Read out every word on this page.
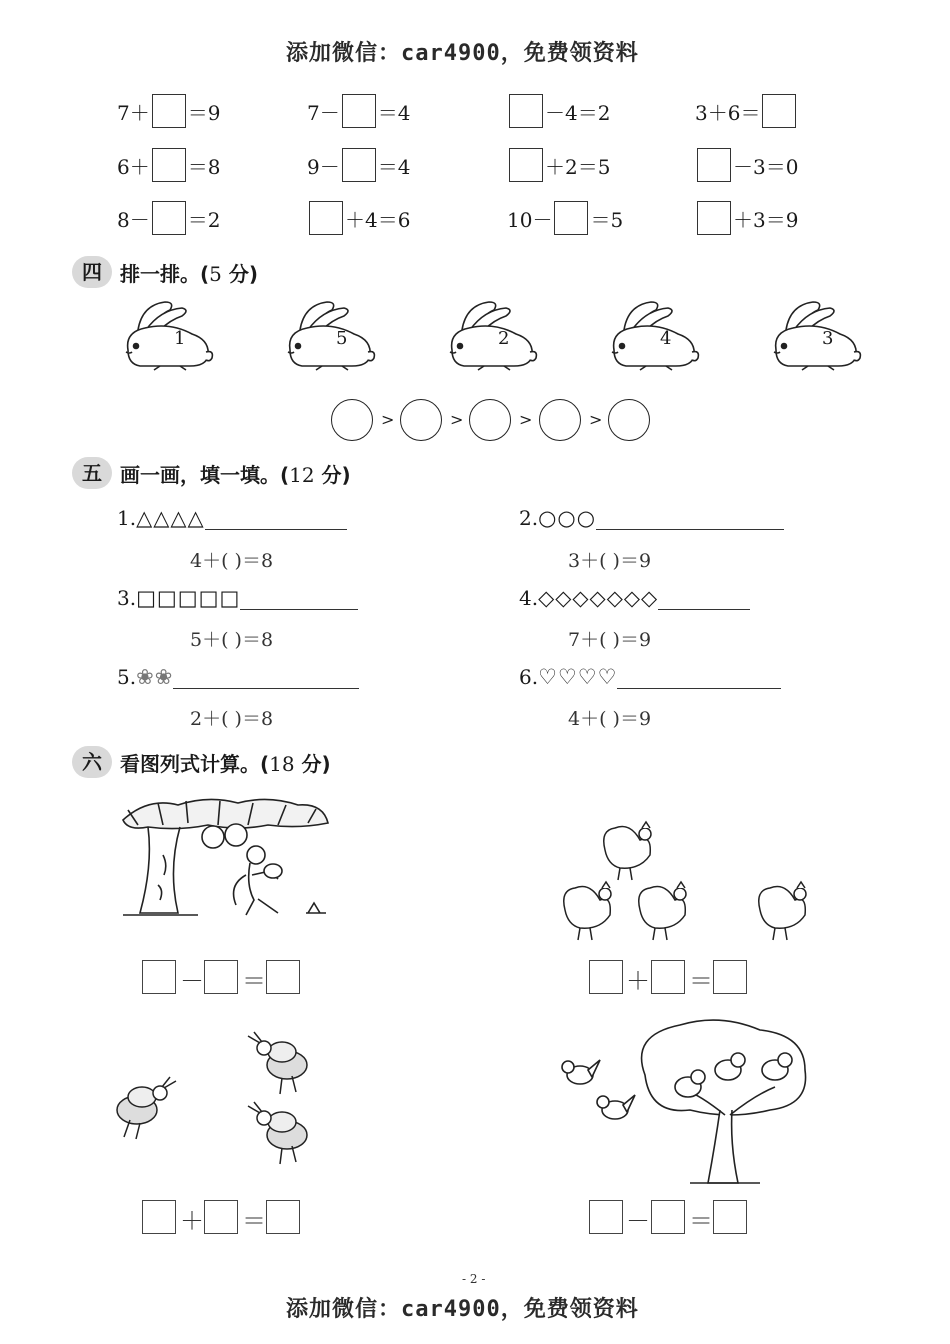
添加微信：car4900，免费领资料
7＋ ＝9	7－ ＝4	－4＝2	3＋6＝
6＋ ＝8	9－ ＝4	＋2＝5	－3＝0
8－ ＝2	＋4＝6	10－ ＝5	＋3＝9
四 排一排。(5 分)
1	5	2	4	3
>	>	>	>
五 画一画，填一填。(12 分)
1. △△△△
4＋( )＝8
2. ○○○
3＋( )＝9
3. □□□□□
5＋( )＝8
4. ◇◇◇◇◇◇◇
7＋( )＝9
5. ❀❀
2＋( )＝8
6. ♡♡♡♡
4＋( )＝9
六 看图列式计算。(18 分)
－ ＝	＋ ＝
＋ ＝	－ ＝
- 2 -
添加微信：car4900，免费领资料
